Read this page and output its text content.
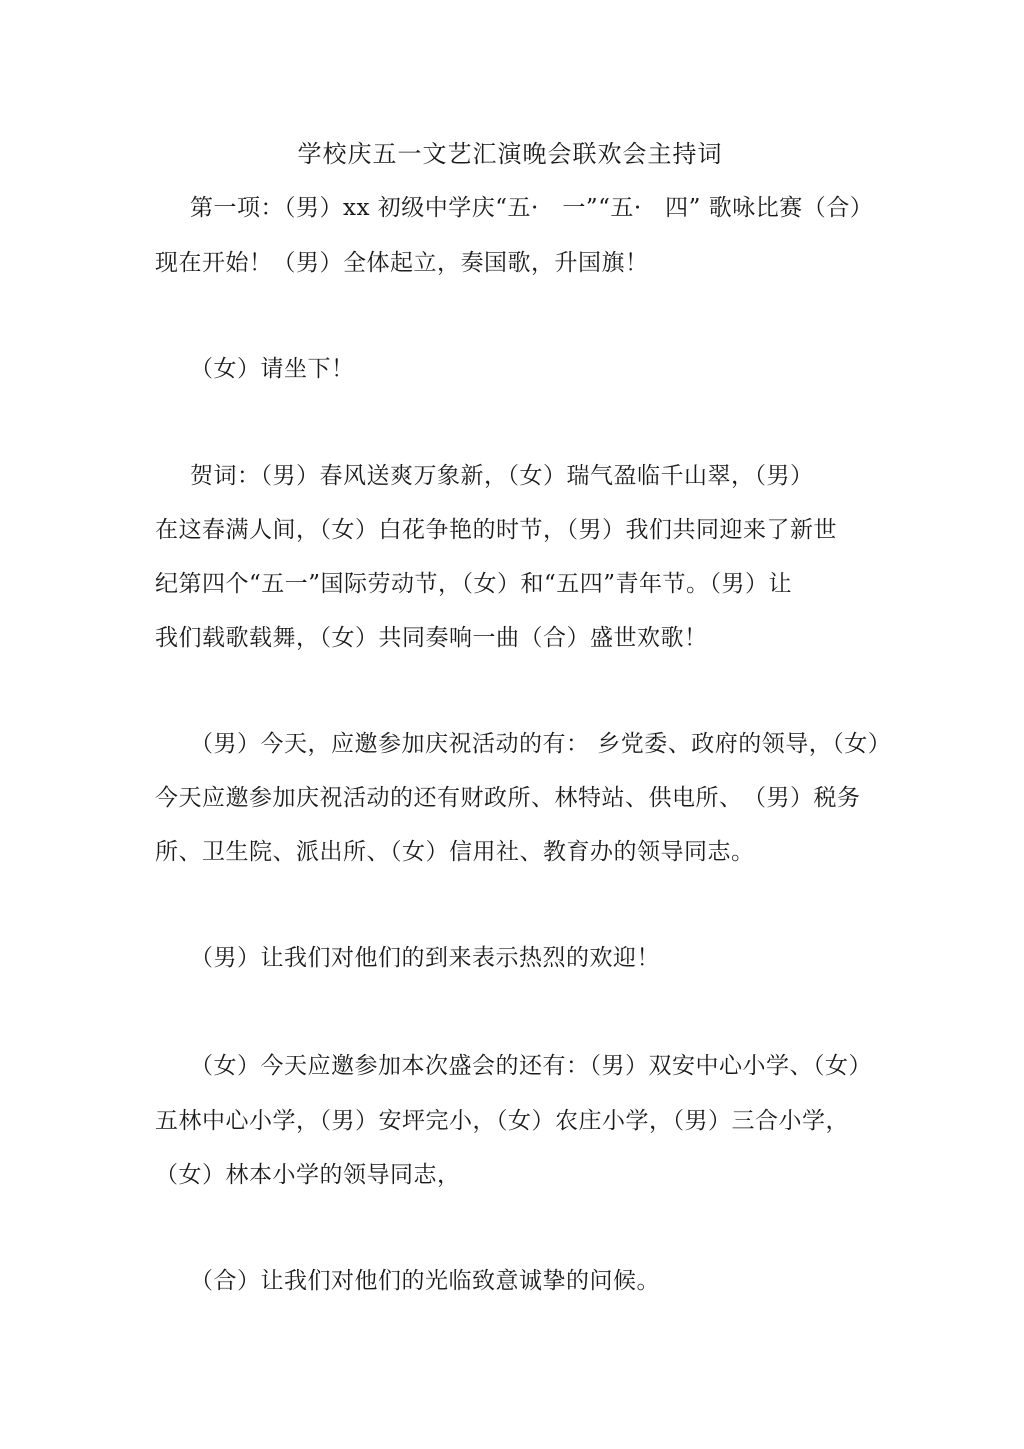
学校庆五一文艺汇演晚会联欢会主持词
第一项：（男）xx 初级中学庆“五·　一”“五·　四” 歌咏比赛（合）
现在开始！（男）全体起立，奏国歌，升国旗！
（女）请坐下！
贺词：（男）春风送爽万象新，（女）瑞气盈临千山翠，（男）
在这春满人间，（女）白花争艳的时节，（男）我们共同迎来了新世
纪第四个“五一”国际劳动节，（女）和“五四”青年节。（男）让
我们载歌载舞，（女）共同奏响一曲（合）盛世欢歌！
（男）今天，应邀参加庆祝活动的有： 乡党委、政府的领导，（女）
今天应邀参加庆祝活动的还有财政所、林特站、供电所、　（男）税务
所、卫生院、派出所、（女）信用社、教育办的领导同志。
（男）让我们对他们的到来表示热烈的欢迎！
（女）今天应邀参加本次盛会的还有：（男）双安中心小学、（女）
五林中心小学，（男）安坪完小，（女）农庄小学，（男）三合小学，
（女）林本小学的领导同志，
（合）让我们对他们的光临致意诚挚的问候。
